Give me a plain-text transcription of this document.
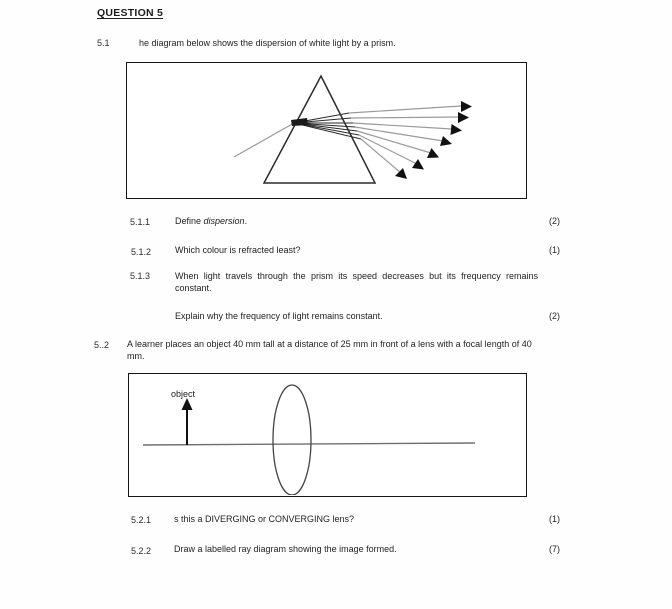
QUESTION 5
5.1	he diagram below shows the dispersion of white light by a prism.
5.1.1	Define dispersion.	(2)
5.1.2	Which colour is refracted least?	(1)
5.1.3	When light travels through the prism its speed decreases but its frequency remains constant.
Explain why the frequency of light remains constant.	(2)
5..2 A learner places an object 40 mm tall at a distance of 25 mm in front of a lens with a focal length of 40 mm.
object
5.2.1	s this a DIVERGING or CONVERGING lens?	(1)
5.2.2	Draw a labelled ray diagram showing the image formed.	(7)
